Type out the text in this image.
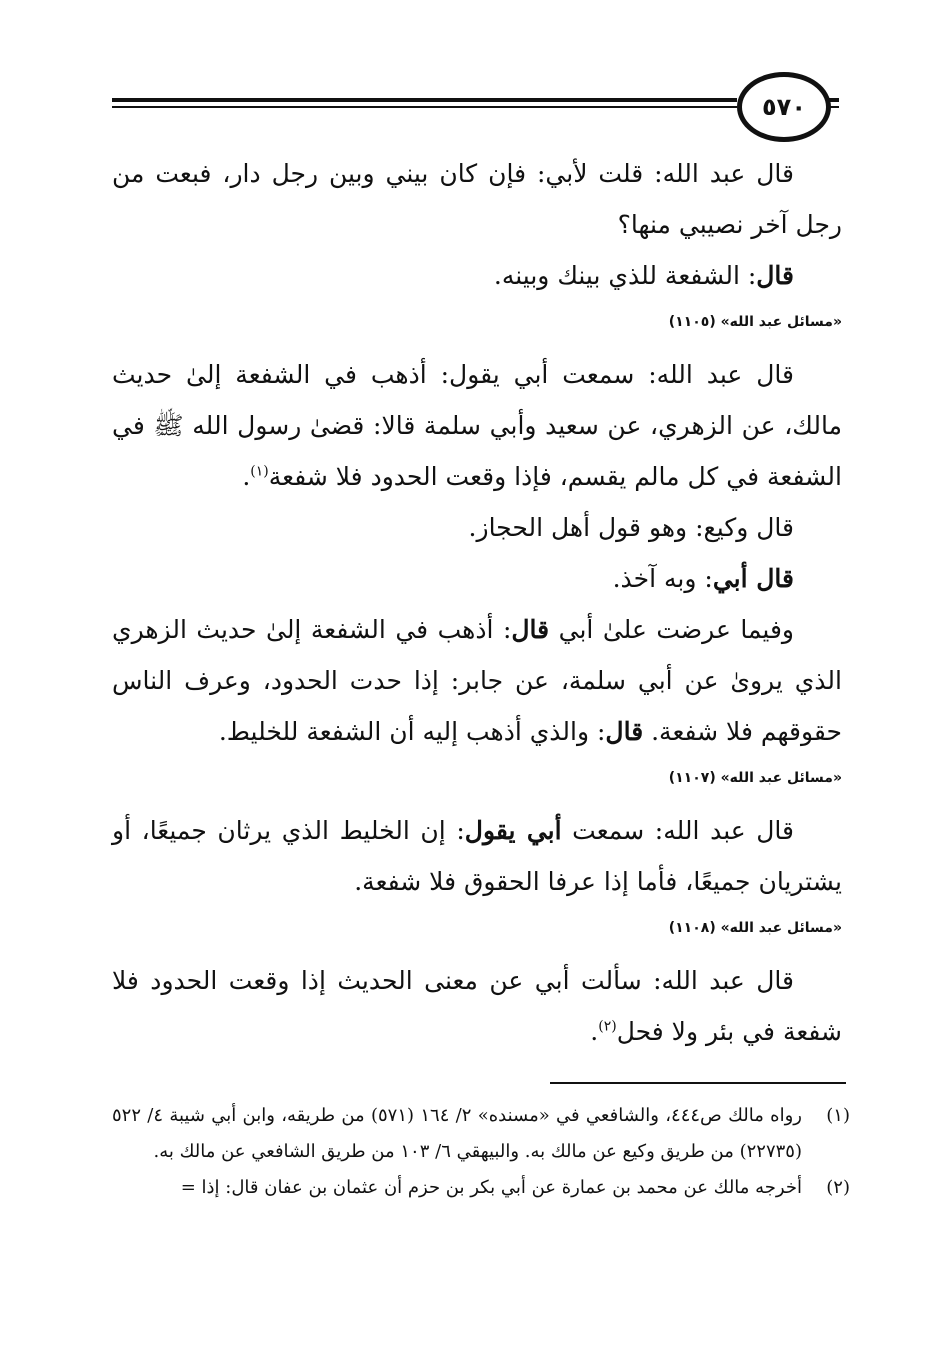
٥٧٠

قال عبد الله: قلت لأبي: فإن كان بيني وبين رجل دار، فبعت من رجل آخر نصيبي منها؟

قال: الشفعة للذي بينك وبينه.

«مسائل عبد الله» (١١٠٥)

قال عبد الله: سمعت أبي يقول: أذهب في الشفعة إلىٰ حديث مالك، عن الزهري، عن سعيد وأبي سلمة قالا: قضىٰ رسول الله ﷺ في الشفعة في كل مالم يقسم، فإذا وقعت الحدود فلا شفعة$^{(١)}$.

قال وكيع: وهو قول أهل الحجاز.

قال أبي: وبه آخذ.

وفيما عرضت علىٰ أبي قال: أذهب في الشفعة إلىٰ حديث الزهري الذي يروىٰ عن أبي سلمة، عن جابر: إذا حدت الحدود، وعرف الناس حقوقهم فلا شفعة. قال: والذي أذهب إليه أن الشفعة للخليط.

«مسائل عبد الله» (١١٠٧)

قال عبد الله: سمعت أبي يقول: إن الخليط الذي يرثان جميعًا، أو يشتريان جميعًا، فأما إذا عرفا الحقوق فلا شفعة.

«مسائل عبد الله» (١١٠٨)

قال عبد الله: سألت أبي عن معنى الحديث إذا وقعت الحدود فلا شفعة في بئر ولا فحل$^{(٢)}$.

(١)
رواه مالك ص٤٤٤، والشافعي في «مسنده» ٢/ ١٦٤ (٥٧١) من طريقه، وابن أبي شيبة ٤/ ٥٢٢ (٢٢٧٣٥) من طريق وكيع عن مالك به. والبيهقي ٦/ ١٠٣ من طريق الشافعي عن مالك به.

(٢)
أخرجه مالك عن محمد بن عمارة عن أبي بكر بن حزم أن عثمان بن عفان قال: إذا =
